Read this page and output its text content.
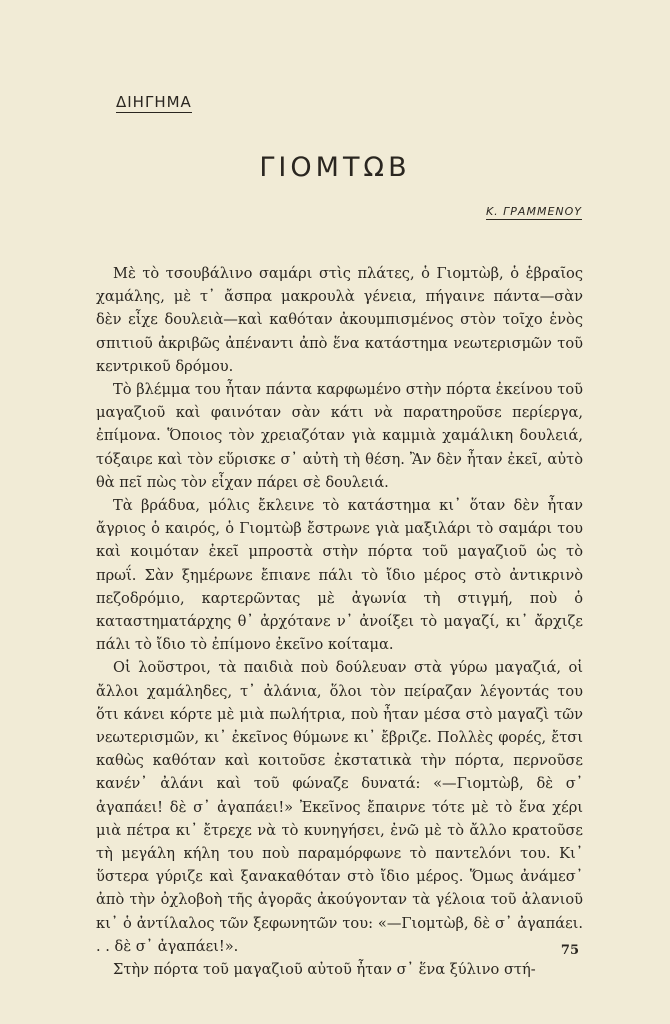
ΔΙΗΓΗΜΑ
ΓΙΟΜΤΩΒ
Κ. ΓΡΑΜΜΕΝΟΥ

Μὲ τὸ τσουβάλινο σαμάρι στὶς πλάτες, ὁ Γιομτὼβ, ὁ ἑβραῖος χαμάλης, μὲ τ᾽ ἄσπρα μακρουλὰ γένεια, πήγαινε πάντα—σὰν δὲν εἶχε δουλειὰ—καὶ καθόταν ἀκουμπισμένος στὸν τοῖχο ἑνὸς σπιτιοῦ ἀκριβῶς ἀπέναντι ἀπὸ ἕνα κατάστημα νεωτερισμῶν τοῦ κεντρικοῦ δρόμου.

Τὸ βλέμμα του ἦταν πάντα καρφωμένο στὴν πόρτα ἐκείνου τοῦ μαγαζιοῦ καὶ φαινόταν σὰν κάτι νὰ παρατηροῦσε περίεργα, ἐπίμονα. Ὅποιος τὸν χρειαζόταν γιὰ καμμιὰ χαμάλικη δουλειά, τόξαιρε καὶ τὸν εὕρισκε σ᾽ αὐτὴ τὴ θέση. Ἂν δὲν ἦταν ἐκεῖ, αὐτὸ θὰ πεῖ πὼς τὸν εἶχαν πάρει σὲ δουλειά.

Τὰ βράδυα, μόλις ἔκλεινε τὸ κατάστημα κι᾽ ὅταν δὲν ἦταν ἄγριος ὁ καιρός, ὁ Γιομτὼβ ἔστρωνε γιὰ μαξιλάρι τὸ σαμάρι του καὶ κοιμόταν ἐκεῖ μπροστὰ στὴν πόρτα τοῦ μαγαζιοῦ ὡς τὸ πρωΐ. Σὰν ξημέρωνε ἔπιανε πάλι τὸ ἴδιο μέρος στὸ ἀντικρινὸ πεζοδρόμιο, καρτερῶντας μὲ ἀγωνία τὴ στιγμή, ποὺ ὁ καταστηματάρχης θ᾽ ἀρχότανε ν᾽ ἀνοίξει τὸ μαγαζί, κι᾽ ἄρχιζε πάλι τὸ ἴδιο τὸ ἐπίμονο ἐκεῖνο κοίταμα.

Οἱ λοῦστροι, τὰ παιδιὰ ποὺ δούλευαν στὰ γύρω μαγαζιά, οἱ ἄλλοι χαμάληδες, τ᾽ ἀλάνια, ὅλοι τὸν πείραζαν λέγοντάς του ὅτι κάνει κόρτε μὲ μιὰ πωλήτρια, ποὺ ἦταν μέσα στὸ μαγαζὶ τῶν νεωτερισμῶν, κι᾽ ἐκεῖνος θύμωνε κι᾽ ἔβριζε. Πολλὲς φορές, ἔτσι καθὼς καθόταν καὶ κοιτοῦσε ἐκστατικὰ τὴν πόρτα, περνοῦσε κανέν᾽ ἀλάνι καὶ τοῦ φώναζε δυνατά: «—Γιομτὼβ, δὲ σ᾽ ἀγαπάει! δὲ σ᾽ ἀγαπάει!» Ἐκεῖνος ἔπαιρνε τότε μὲ τὸ ἕνα χέρι μιὰ πέτρα κι᾽ ἔτρεχε νὰ τὸ κυνηγήσει, ἐνῶ μὲ τὸ ἄλλο κρατοῦσε τὴ μεγάλη κήλη του ποὺ παραμόρφωνε τὸ παντελόνι του. Κι᾽ ὕστερα γύριζε καὶ ξανακαθόταν στὸ ἴδιο μέρος. Ὅμως ἀνάμεσ᾽ ἀπὸ τὴν ὀχλοβοὴ τῆς ἀγορᾶς ἀκούγονταν τὰ γέλοια τοῦ ἀλανιοῦ κι᾽ ὁ ἀντίλαλος τῶν ξεφωνητῶν του: «—Γιομτὼβ, δὲ σ᾽ ἀγαπάει. . . δὲ σ᾽ ἀγαπάει!».

Στὴν πόρτα τοῦ μαγαζιοῦ αὐτοῦ ἦταν σ᾽ ἕνα ξύλινο στή-

75
